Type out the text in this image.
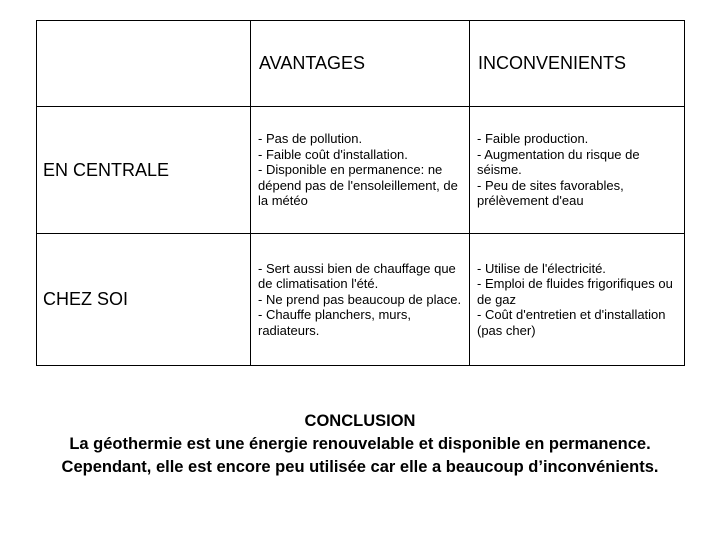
AVANTAGES	INCONVENIENTS
EN CENTRALE
- Pas de pollution.
- Faible coût d'installation.
- Disponible en permanence: ne dépend pas de l'ensoleillement, de la météo
- Faible production.
- Augmentation du risque de séisme.
- Peu de sites favorables, prélèvement d'eau
CHEZ SOI
- Sert aussi bien de chauffage que de climatisation l'été.
- Ne prend pas beaucoup de place.
- Chauffe planchers, murs, radiateurs.
- Utilise de l'électricité.
- Emploi de fluides frigorifiques ou de gaz
- Coût d'entretien et d'installation (pas cher)
CONCLUSION
La géothermie est une énergie renouvelable et disponible en permanence.
Cependant, elle est encore peu utilisée car elle a beaucoup d’inconvénients.
